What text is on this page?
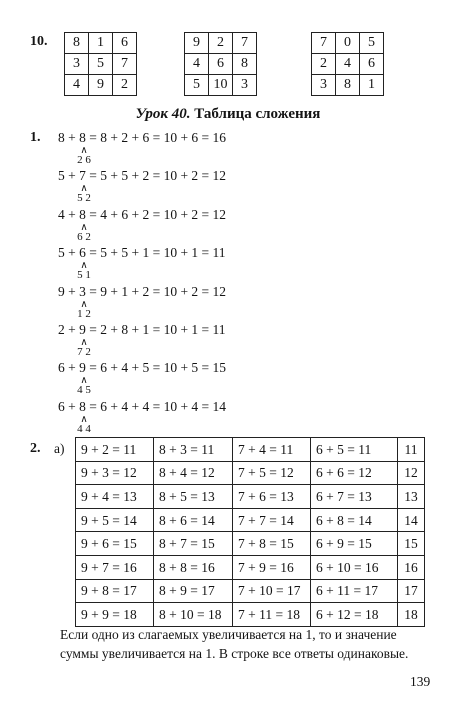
10. 8	1	6
3	5	7
4	9	2
9	2	7
4	6	8
5	10	3
7	0	5
2	4	6
3	8	1
Урок 40. Таблица сложения
1. 8 + 8 = 8 + 2 + 6 = 10 + 6 = 16
∧
2 6
5 + 7 = 5 + 5 + 2 = 10 + 2 = 12
∧
5 2
4 + 8 = 4 + 6 + 2 = 10 + 2 = 12
∧
6 2
5 + 6 = 5 + 5 + 1 = 10 + 1 = 11
∧
5 1
9 + 3 = 9 + 1 + 2 = 10 + 2 = 12
∧
1 2
2 + 9 = 2 + 8 + 1 = 10 + 1 = 11
∧
7 2
6 + 9 = 6 + 4 + 5 = 10 + 5 = 15
∧
4 5
6 + 8 = 6 + 4 + 4 = 10 + 4 = 14
∧
4 4
2. а) 9 + 2 = 11	8 + 3 = 11	7 + 4 = 11	6 + 5 = 11	11
9 + 3 = 12	8 + 4 = 12	7 + 5 = 12	6 + 6 = 12	12
9 + 4 = 13	8 + 5 = 13	7 + 6 = 13	6 + 7 = 13	13
9 + 5 = 14	8 + 6 = 14	7 + 7 = 14	6 + 8 = 14	14
9 + 6 = 15	8 + 7 = 15	7 + 8 = 15	6 + 9 = 15	15
9 + 7 = 16	8 + 8 = 16	7 + 9 = 16	6 + 10 = 16	16
9 + 8 = 17	8 + 9 = 17	7 + 10 = 17	6 + 11 = 17	17
9 + 9 = 18	8 + 10 = 18	7 + 11 = 18	6 + 12 = 18	18
Если одно из слагаемых увеличивается на 1, то и значение суммы увеличивается на 1. В строке все ответы одинаковые.
139
